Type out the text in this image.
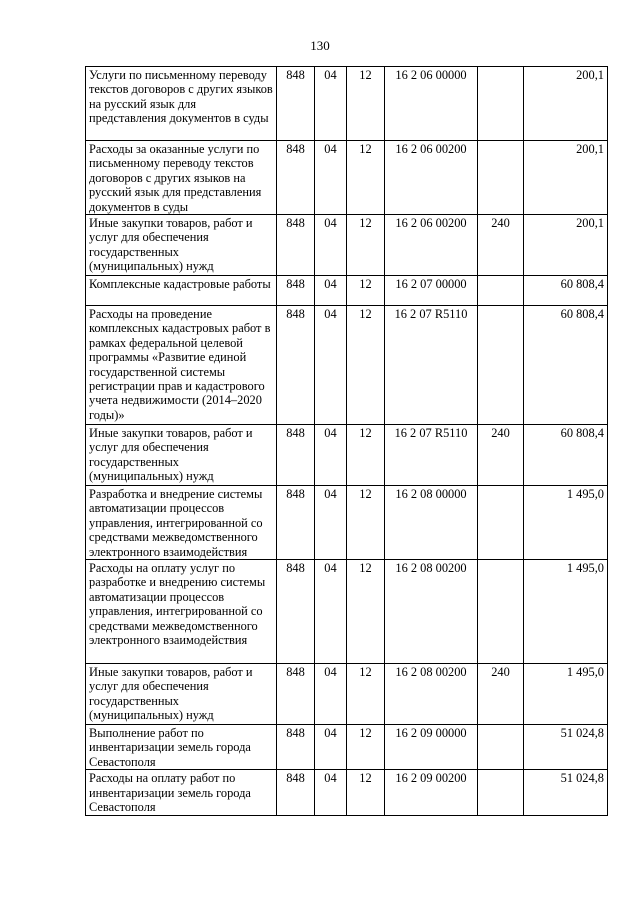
130
Услуги по письменному переводу текстов договоров с других языков на русский язык для представления документов в суды	848	04	12	16 2 06 00000		200,1
Расходы за оказанные услуги по письменному переводу текстов договоров с других языков на русский язык для представления документов в суды	848	04	12	16 2 06 00200		200,1
Иные закупки товаров, работ и услуг для обеспечения государственных (муниципальных) нужд	848	04	12	16 2 06 00200	240	200,1
Комплексные кадастровые работы	848	04	12	16 2 07 00000		60 808,4
Расходы на проведение комплексных кадастровых работ в рамках федеральной целевой программы «Развитие единой государственной системы регистрации прав и кадастрового учета недвижимости (2014–2020 годы)»	848	04	12	16 2 07 R5110		60 808,4
Иные закупки товаров, работ и услуг для обеспечения государственных (муниципальных) нужд	848	04	12	16 2 07 R5110	240	60 808,4
Разработка и внедрение системы автоматизации процессов управления, интегрированной со средствами межведомственного электронного взаимодействия	848	04	12	16 2 08 00000		1 495,0
Расходы на оплату услуг по разработке и внедрению системы автоматизации процессов управления, интегрированной со средствами межведомственного электронного взаимодействия	848	04	12	16 2 08 00200		1 495,0
Иные закупки товаров, работ и услуг для обеспечения государственных (муниципальных) нужд	848	04	12	16 2 08 00200	240	1 495,0
Выполнение работ по инвентаризации земель города Севастополя	848	04	12	16 2 09 00000		51 024,8
Расходы на оплату работ по инвентаризации земель города Севастополя	848	04	12	16 2 09 00200		51 024,8
